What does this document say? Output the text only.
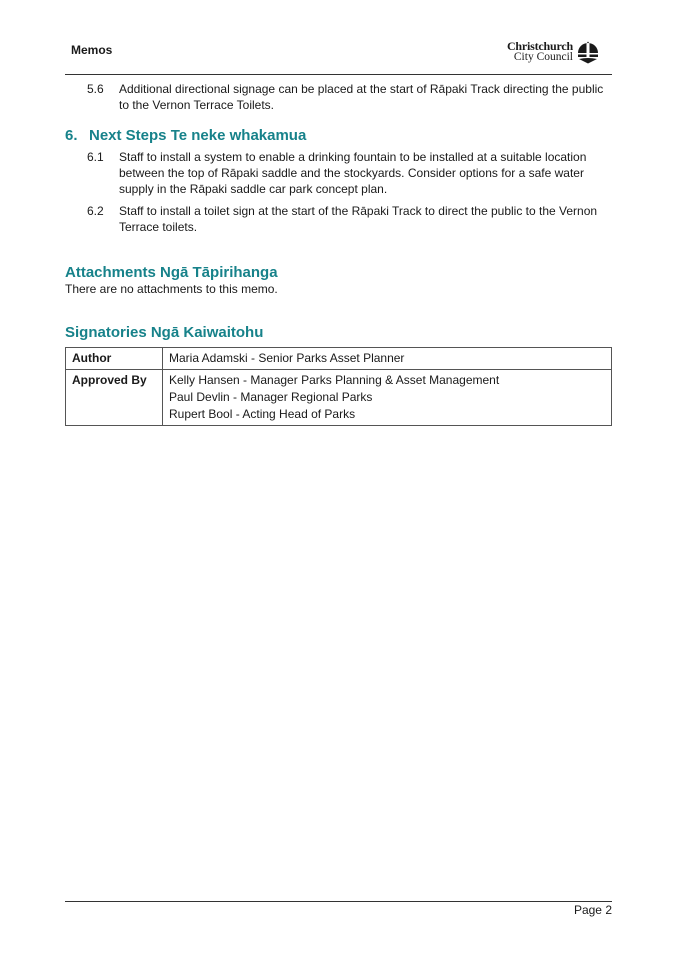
Memos	Christchurch
City Council
5.6	Additional directional signage can be placed at the start of Rāpaki Track directing the public to the Vernon Terrace Toilets.
6. Next Steps Te neke whakamua
6.1	Staff to install a system to enable a drinking fountain to be installed at a suitable location between the top of Rāpaki saddle and the stockyards. Consider options for a safe water supply in the Rāpaki saddle car park concept plan.
6.2	Staff to install a toilet sign at the start of the Rāpaki Track to direct the public to the Vernon Terrace toilets.
Attachments Ngā Tāpirihanga
There are no attachments to this memo.
Signatories Ngā Kaiwaitohu
Author	Maria Adamski - Senior Parks Asset Planner
Approved By	Kelly Hansen - Manager Parks Planning & Asset Management
Paul Devlin - Manager Regional Parks
Rupert Bool - Acting Head of Parks
Page 2
